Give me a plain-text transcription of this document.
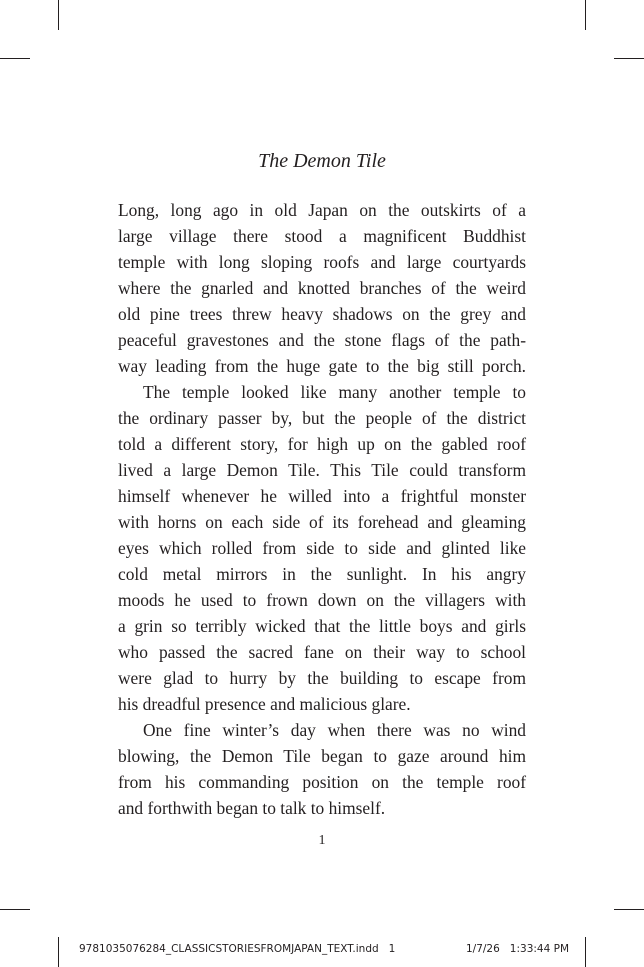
The Demon Tile
Long, long ago in old Japan on the outskirts of a
large village there stood a magnificent Buddhist
temple with long sloping roofs and large courtyards
where the gnarled and knotted branches of the weird
old pine trees threw heavy shadows on the grey and
peaceful gravestones and the stone flags of the path-
way leading from the huge gate to the big still porch.
The temple looked like many another temple to
the ordinary passer by, but the people of the district
told a different story, for high up on the gabled roof
lived a large Demon Tile. This Tile could transform
himself whenever he willed into a frightful monster
with horns on each side of its forehead and gleaming
eyes which rolled from side to side and glinted like
cold metal mirrors in the sunlight. In his angry
moods he used to frown down on the villagers with
a grin so terribly wicked that the little boys and girls
who passed the sacred fane on their way to school
were glad to hurry by the building to escape from
his dreadful presence and malicious glare.
One fine winter’s day when there was no wind
blowing, the Demon Tile began to gaze around him
from his commanding position on the temple roof
and forthwith began to talk to himself.
1
9781035076284_CLASSICSTORIESFROMJAPAN_TEXT.indd   1	1/7/26   1:33:44 PM
